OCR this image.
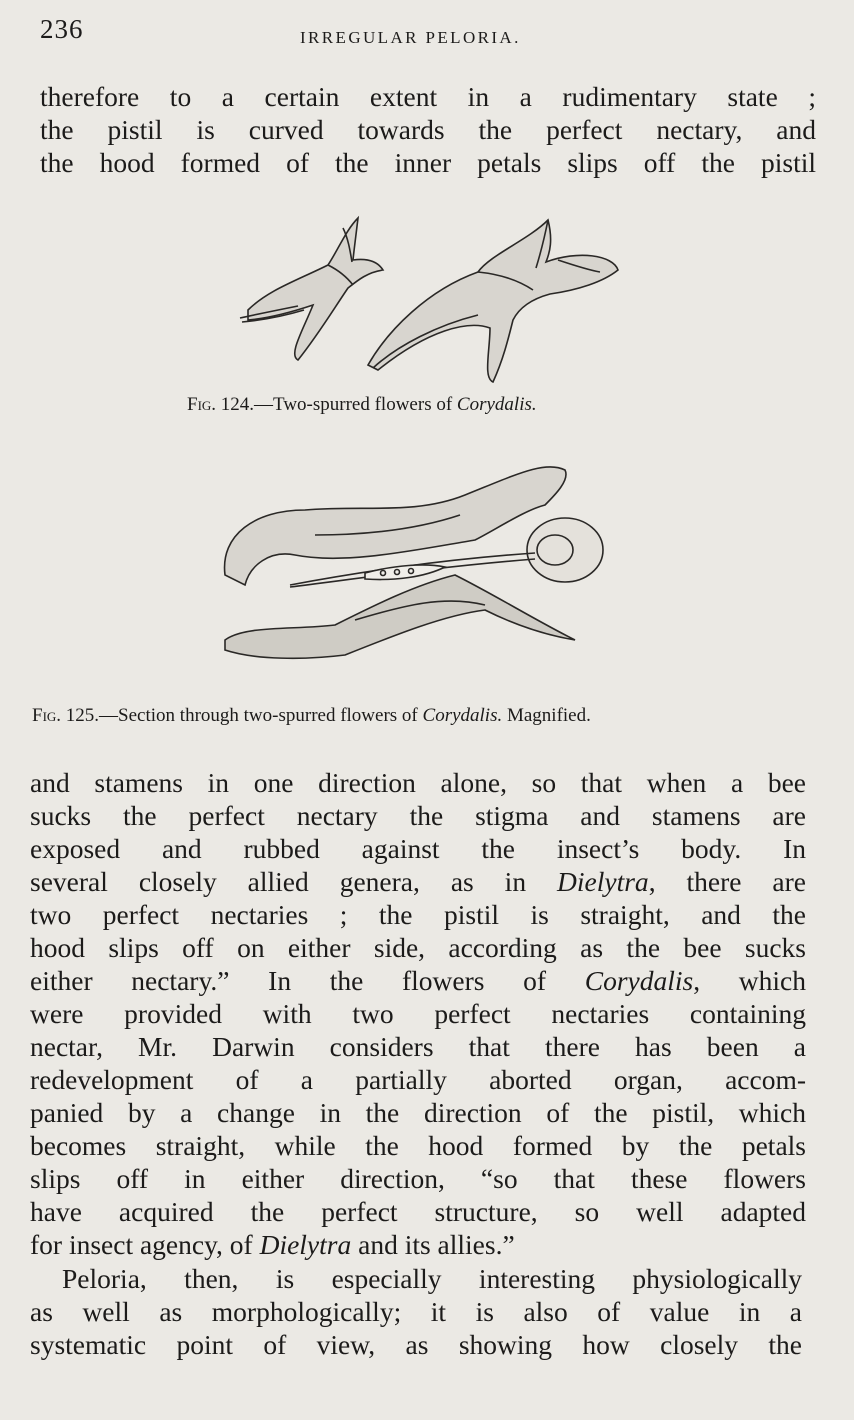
236	IRREGULAR PELORIA.

therefore to a certain extent in a rudimentary state ;
the pistil is curved towards the perfect nectary, and
the hood formed of the inner petals slips off the pistil

Fig. 124.—Two-spurred flowers of Corydalis.
Fig. 125.—Section through two-spurred flowers of Corydalis. Magnified.

and stamens in one direction alone, so that when a bee
sucks the perfect nectary the stigma and stamens are
exposed and rubbed against the insect’s body. In
several closely allied genera, as in Dielytra, there are
two perfect nectaries ; the pistil is straight, and the
hood slips off on either side, according as the bee sucks
either nectary.” In the flowers of Corydalis, which
were provided with two perfect nectaries containing
nectar, Mr. Darwin considers that there has been a
redevelopment of a partially aborted organ, accom-
panied by a change in the direction of the pistil, which
becomes straight, while the hood formed by the petals
slips off in either direction, “so that these flowers
have acquired the perfect structure, so well adapted
for insect agency, of Dielytra and its allies.”

Peloria, then, is especially interesting physiologically
as well as morphologically; it is also of value in a
systematic point of view, as showing how closely the
